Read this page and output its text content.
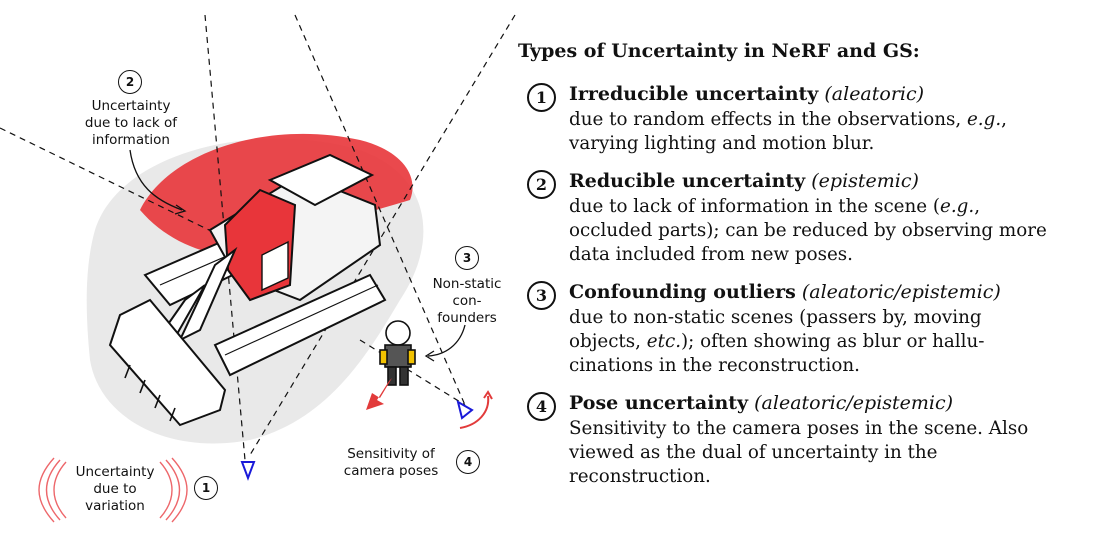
2
Uncertainty
due to lack of
information
3
Non-static
con-
founders
Sensitivity of
camera poses
4
Uncertainty
due to
variation
1
Types of Uncertainty in NeRF and GS:
1	Irreducible uncertainty (aleatoric)
due to random effects in the observations, e.g., varying lighting and motion blur.
2	Reducible uncertainty (epistemic)
due to lack of information in the scene (e.g., occluded parts); can be reduced by observing more data included from new poses.
3	Confounding outliers (aleatoric/epistemic)
due to non-static scenes (passers by, moving objects, etc.); often showing as blur or hallu-cinations in the reconstruction.
4	Pose uncertainty (aleatoric/epistemic)
Sensitivity to the camera poses in the scene. Also viewed as the dual of uncertainty in the reconstruction.
